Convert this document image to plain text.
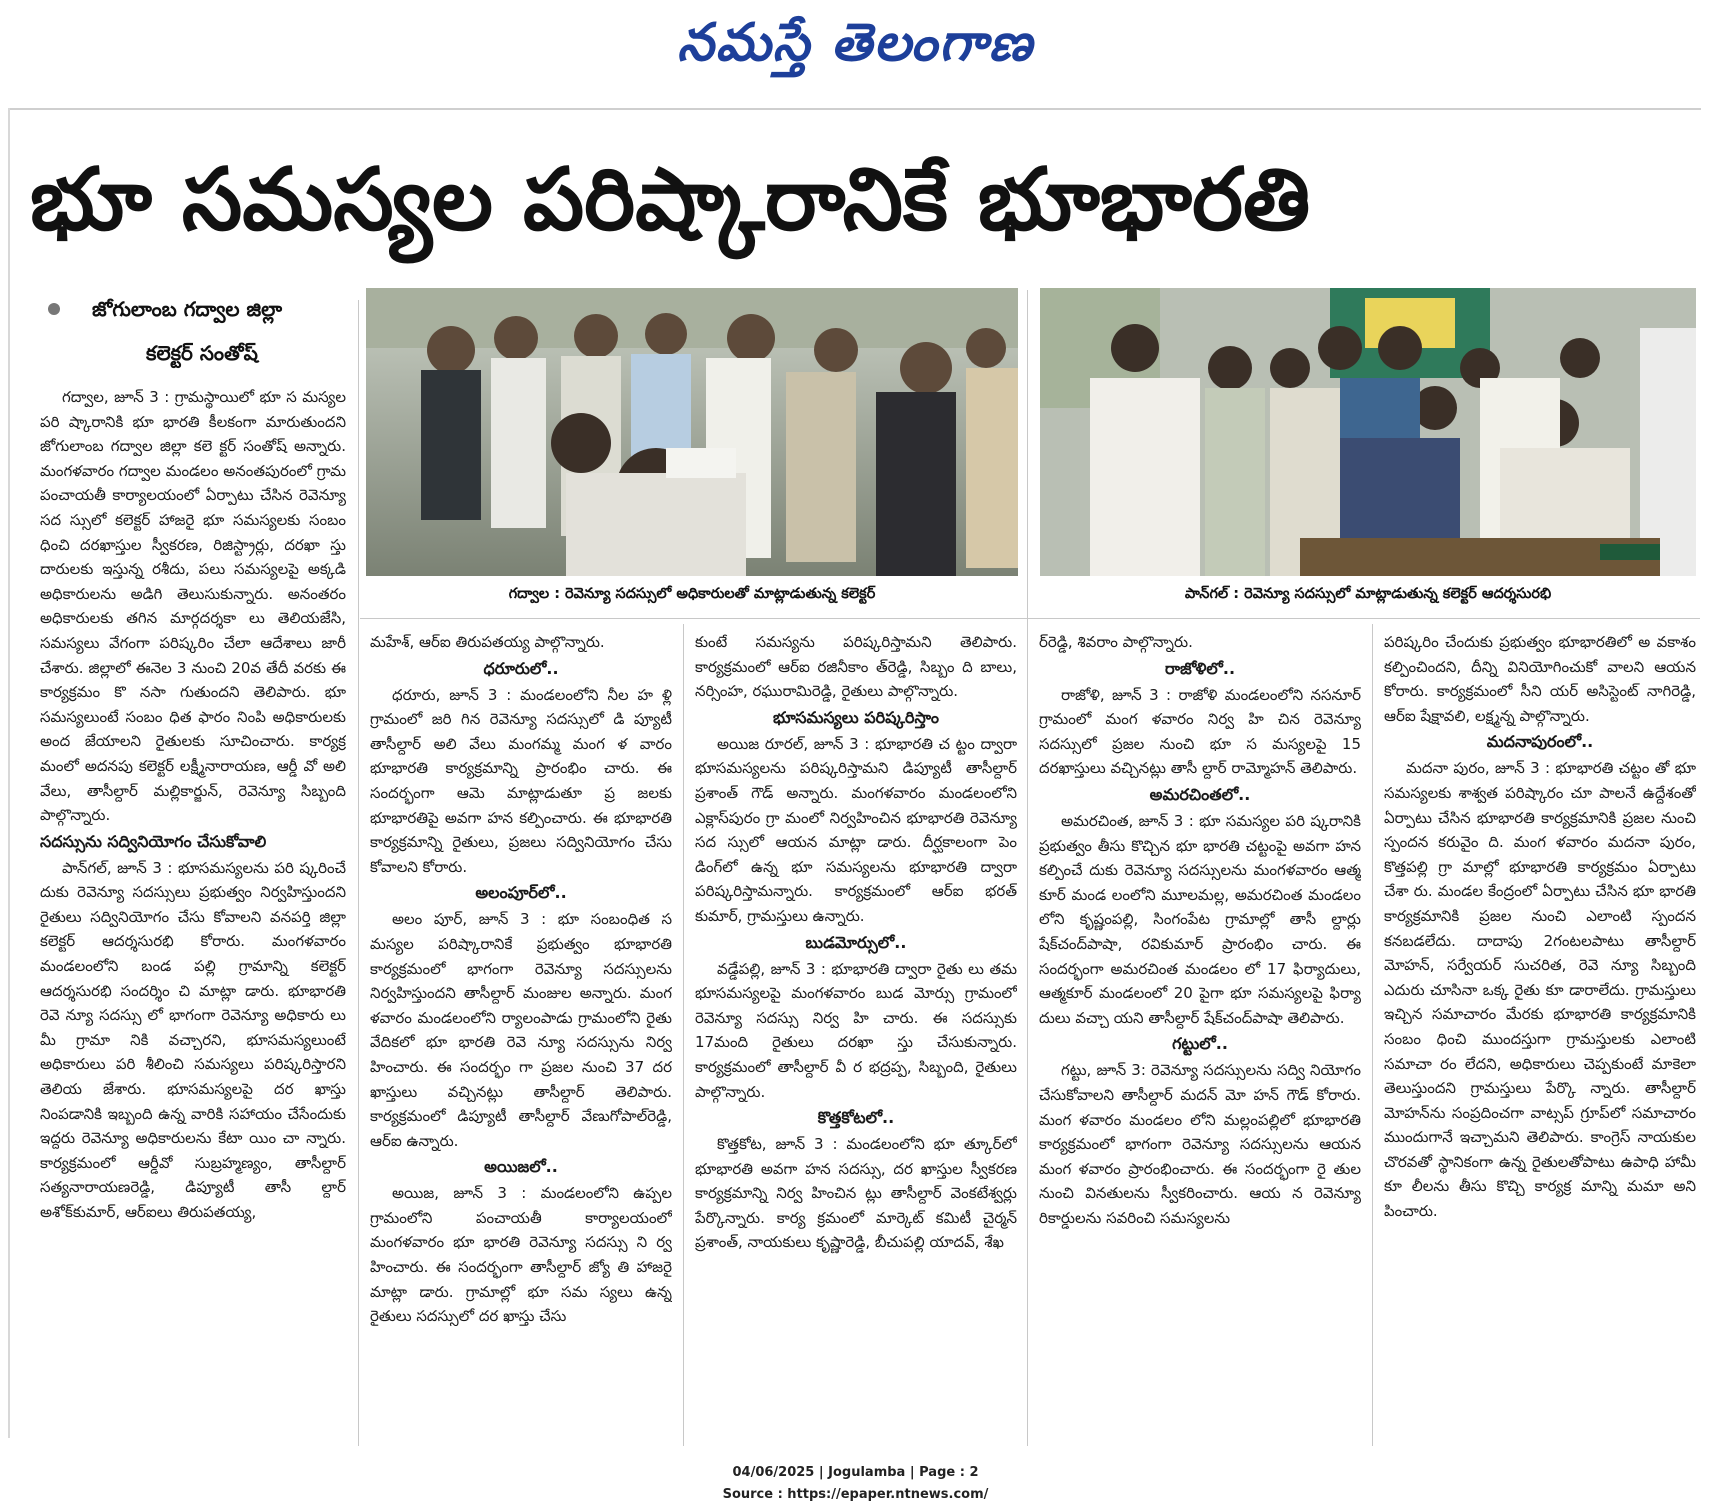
నమస్తే తెలంగాణ
భూ సమస్యల పరిష్కారానికే భూభారతి
జోగులాంబ గద్వాల జిల్లా
కలెక్టర్ సంతోష్
గద్వాల : రెవెన్యూ సదస్సులో అధికారులతో మాట్లాడుతున్న కలెక్టర్	పాన్‌గల్ : రెవెన్యూ సదస్సులో మాట్లాడుతున్న కలెక్టర్ ఆదర్శసురభి

గద్వాల, జూన్ 3 : గ్రామస్థాయిలో భూ స మస్యల పరి ష్కారానికి భూ భారతి కీలకంగా మారుతుందని జోగులాంబ గద్వాల జిల్లా కలె క్టర్ సంతోష్ అన్నారు. మంగళవారం గద్వాల మండలం అనంతపురంలో గ్రామ పంచాయతీ కార్యాలయంలో ఏర్పాటు చేసిన రెవెన్యూ సద స్సులో కలెక్టర్ హాజరై భూ సమస్యలకు సంబం ధించి దరఖాస్తుల స్వీకరణ, రిజిస్ట్రార్లు, దరఖా స్తు దారులకు ఇస్తున్న రశీదు, పలు సమస్యలపై అక్కడి అధికారులను అడిగి తెలుసుకున్నారు. అనంతరం అధికారులకు తగిన మార్గదర్శకా లు తెలియజేసి, సమస్యలు వేగంగా పరిష్కరిం చేలా ఆదేశాలు జారీ చేశారు. జిల్లాలో ఈనెల 3 నుంచి 20వ తేదీ వరకు ఈ కార్యక్రమం కొ నసా గుతుందని తెలిపారు. భూ సమస్యలుంటే సంబం ధిత ఫారం నింపి అధికారులకు అంద జేయాలని రైతులకు సూచించారు. కార్యక్ర మంలో అదనపు కలెక్టర్ లక్ష్మీనారాయణ, ఆర్డీ వో అలి వేలు, తాసీల్దార్ మల్లికార్జున్, రెవెన్యూ సిబ్బంది పాల్గొన్నారు.

సదస్సును సద్వినియోగం చేసుకోవాలి

పాన్‌గల్, జూన్ 3 : భూసమస్యలను పరి ష్కరించే దుకు రెవెన్యూ సదస్సులు ప్రభుత్వం నిర్వహిస్తుందని రైతులు సద్వినియోగం చేసు కోవాలని వనపర్తి జిల్లా కలెక్టర్ ఆదర్శసురభి కోరారు. మంగళవారం మండలంలోని బండ పల్లి గ్రామాన్ని కలెక్టర్ ఆదర్శసురభి సందర్శిం చి మాట్లా డారు. భూభారతి రెవె న్యూ సదస్సు లో భాగంగా రెవెన్యూ అధికారు లు మీ గ్రామా నికి వచ్చారని, భూసమస్యలుంటే అధికారులు పరి శీలించి సమస్యలు పరిష్కరిస్తారని తెలియ జేశారు. భూసమస్యలపై దర ఖాస్తు నింపడానికి ఇబ్బంది ఉన్న వారికి సహాయం చేసేందుకు ఇద్దరు రెవెన్యూ అధికారులను కేటా యిం చా న్నారు. కార్యక్రమంలో ఆర్డీవో సుబ్రహ్మణ్యం, తాసీల్దార్ సత్యనారాయణరెడ్డి, డిప్యూటీ తాసీ ల్దార్ అశోక్‌కుమార్, ఆర్‌ఐలు తిరుపతయ్య,

మహేశ్, ఆర్ఐ తిరుపతయ్య పాల్గొన్నారు.

ధరూరులో..

ధరూరు, జూన్ 3 : మండలంలోని నీల హ ళ్లి గ్రామంలో జరి గిన రెవెన్యూ సదస్సులో డి ప్యూటీ తాసీల్దార్ అలి వేలు మంగమ్మ మంగ ళ వారం భూభారతి కార్యక్రమాన్ని ప్రారంభిం చారు. ఈ సందర్భంగా ఆమె మాట్లాడుతూ ప్ర జలకు భూభారతిపై అవగా హన కల్పించారు. ఈ భూభారతి కార్యక్రమాన్ని రైతులు, ప్రజలు సద్వినియోగం చేసు కోవాలని కోరారు.

అలంపూర్‌లో..

అలం పూర్, జూన్ 3 : భూ సంబంధిత స మస్యల పరిష్కారానికే ప్రభుత్వం భూభారతి కార్యక్రమంలో భాగంగా రెవెన్యూ సదస్సులను నిర్వహిస్తుందని తాసీల్దార్ మంజుల అన్నారు. మంగ ళవారం మండలంలోని ర్యాలంపాడు గ్రామంలోని రైతు వేదికలో భూ భారతి రెవె న్యూ సదస్సును నిర్వ హించారు. ఈ సందర్భం గా ప్రజల నుంచి 37 దర ఖాస్తులు వచ్చినట్లు తాసీల్దార్ తెలిపారు. కార్యక్రమంలో డిప్యూటీ తాసీల్దార్ వేణుగోపాల్‌రెడ్డి, ఆర్ఐ ఉన్నారు.

అయిజలో..

అయిజ, జూన్ 3 : మండలంలోని ఉప్పల గ్రామంలోని పంచాయతీ కార్యాలయంలో మంగళవారం భూ భారతి రెవెన్యూ సదస్సు ని ర్వ హించారు. ఈ సందర్భంగా తాసీల్దార్ జ్యో తి హాజరై మాట్లా డారు. గ్రామాల్లో భూ సమ స్యలు ఉన్న రైతులు సదస్సులో దర ఖాస్తు చేసు

కుంటే సమస్యను పరిష్కరిస్తామని తెలిపారు. కార్యక్రమంలో ఆర్ఐ రజినీకాం త్‌రెడ్డి, సిబ్బం ది బాలు, నర్సింహ, రఘురామిరెడ్డి, రైతులు పాల్గొన్నారు.

భూసమస్యలు పరిష్కరిస్తాం

అయిజ రూరల్, జూన్ 3 : భూభారతి చ ట్టం ద్వారా భూసమస్యలను పరిష్కరిస్తామని డిప్యూటీ తాసీల్దార్ ప్రశాంత్ గౌడ్ అన్నారు. మంగళవారం మండలంలోని ఎక్లాస్‌పురం గ్రా మంలో నిర్వహించిన భూభారతి రెవెన్యూ సద స్సులో ఆయన మాట్లా డారు. దీర్ఘకాలంగా పెం డింగ్‌లో ఉన్న భూ సమస్యలను భూభారతి ద్వారా పరిష్కరిస్తామన్నారు. కార్యక్రమంలో ఆర్ఐ భరత్ కుమార్, గ్రామస్తులు ఉన్నారు.

బుడమోర్సులో..

వడ్డేపల్లి, జూన్ 3 : భూభారతి ద్వారా రైతు లు తమ భూసమస్యలపై మంగళవారం బుడ మోర్సు గ్రామంలో రెవెన్యూ సదస్సు నిర్వ హి చారు. ఈ సదస్సుకు 17మంది రైతులు దరఖా స్తు చేసుకున్నారు. కార్యక్రమంలో తాసీల్దార్ వీ ర భద్రప్ప, సిబ్బంది, రైతులు పాల్గొన్నారు.

కొత్తకోటలో..

కొత్తకోట, జూన్ 3 : మండలంలోని భూ త్కూర్‌లో భూభారతి అవగా హన సదస్సు, దర ఖాస్తుల స్వీకరణ కార్యక్రమాన్ని నిర్వ హించిన ట్లు తాసీల్దార్ వెంకటేశ్వర్లు పేర్కొన్నారు. కార్య క్రమంలో మార్కెట్ కమిటీ చైర్మన్ ప్రశాంత్, నాయకులు కృష్ణారెడ్డి, బీచుపల్లి యాదవ్, శేఖ

ర్‌రెడ్డి, శివరాం పాల్గొన్నారు.

రాజోళిలో..

రాజోళి, జూన్ 3 : రాజోళి మండలంలోని నసనూర్ గ్రామంలో మంగ ళవారం నిర్వ హి చిన రెవెన్యూ సదస్సులో ప్రజల నుంచి భూ స మస్యలపై 15 దరఖాస్తులు వచ్చినట్లు తాసీ ల్దార్ రామ్మోహన్ తెలిపారు.

అమరచింతలో..

అమరచింత, జూన్ 3 : భూ సమస్యల పరి ష్కరానికి ప్రభుత్వం తీసు కొచ్చిన భూ భారతి చట్టంపై అవగా హన కల్పించే దుకు రెవెన్యూ సదస్సులను మంగళవారం ఆత్మ కూర్ మండ లంలోని మూలమల్ల, అమరచింత మండలం లోని కృష్ణంపల్లి, సింగంపేట గ్రామాల్లో తాసీ ల్దార్లు షేక్‌చంద్‌పాషా, రవికుమార్ ప్రారంభిం చారు. ఈ సందర్భంగా అమరచింత మండలం లో 17 ఫిర్యాదులు, ఆత్మకూర్ మండలంలో 20 పైగా భూ సమస్యలపై ఫిర్యా దులు వచ్చా యని తాసీల్దార్ షేక్‌చంద్‌పాషా తెలిపారు.

గట్టులో..

గట్టు, జూన్ 3: రెవెన్యూ సదస్సులను సద్వి నియోగం చేసుకోవాలని తాసీల్దార్ మదన్ మో హన్ గౌడ్ కోరారు. మంగ ళవారం మండలం లోని మల్లంపల్లిలో భూభారతి కార్యక్రమంలో భాగంగా రెవెన్యూ సదస్సులను ఆయన మంగ ళవారం ప్రారంభించారు. ఈ సందర్భంగా రై తుల నుంచి వినతులను స్వీకరించారు. ఆయ న రెవెన్యూ రికార్డులను సవరించి సమస్యలను

పరిష్కరిం చేందుకు ప్రభుత్వం భూభారతిలో అ వకాశం కల్పించిందని, దీన్ని వినియోగించుకో వాలని ఆయన కోరారు. కార్యక్రమంలో సీని యర్ అసిస్టెంట్ నాగిరెడ్డి, ఆర్ఐ షేక్షావలి, లక్ష్మన్న పాల్గొన్నారు.

మదనాపురంలో..

మదనా పురం, జూన్ 3 : భూభారతి చట్టం తో భూ సమస్యలకు శాశ్వత పరిష్కారం చూ పాలనే ఉద్దేశంతో ఏర్పాటు చేసిన భూభారతి కార్యక్రమానికి ప్రజల నుంచి స్పందన కరువైం ది. మంగ ళవారం మదనా పురం, కొత్తపల్లి గ్రా మాల్లో భూభారతి కార్యక్రమం ఏర్పాటు చేశా రు. మండల కేంద్రంలో ఏర్పాటు చేసిన భూ భారతి కార్యక్రమానికి ప్రజల నుంచి ఎలాంటి స్పందన కనబడలేదు. దాదాపు 2గంటలపాటు తాసీల్దార్ మోహన్, సర్వేయర్ సుచరిత, రెవె న్యూ సిబ్బంది ఎదురు చూసినా ఒక్క రైతు కూ డారాలేదు. గ్రామస్తులు ఇచ్చిన సమాచారం మేరకు భూభారతి కార్యక్రమానికి సంబం ధించి ముందస్తుగా గ్రామస్తులకు ఎలాంటి సమాచా రం లేదని, అధికారులు చెప్పకుంటే మాకెలా తెలుస్తుందని గ్రామస్తులు పేర్కొ న్నారు. తాసీల్దార్ మోహన్‌ను సంప్రదించగా వాట్సప్ గ్రూప్‌లో సమాచారం ముందుగానే ఇచ్చామని తెలిపారు. కాంగ్రెస్ నాయకుల చొరవతో స్థానికంగా ఉన్న రైతులతోపాటు ఉపాధి హామీ కూ లీలను తీసు కొచ్చి కార్యక్ర మాన్ని మమా అని పించారు.

04/06/2025 | Jogulamba | Page : 2
Source : https://epaper.ntnews.com/
